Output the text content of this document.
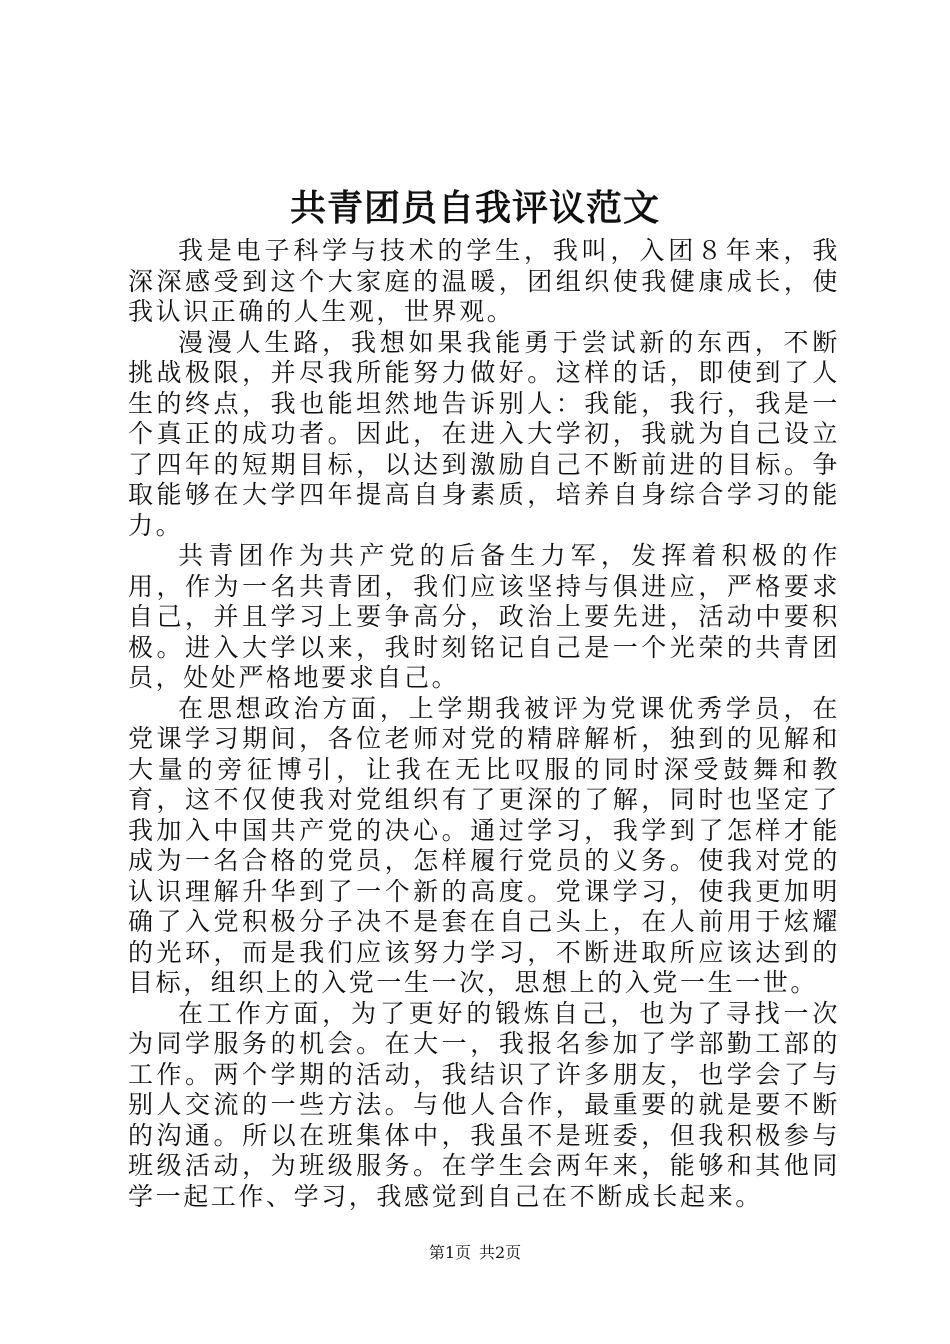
共青团员自我评议范文

我是电子科学与技术的学生，我叫，入团８年来，我深深感受到这个大家庭的温暖，团组织使我健康成长，使我认识正确的人生观，世界观。

漫漫人生路，我想如果我能勇于尝试新的东西，不断挑战极限，并尽我所能努力做好。这样的话，即使到了人生的终点，我也能坦然地告诉别人：我能，我行，我是一个真正的成功者。因此，在进入大学初，我就为自己设立了四年的短期目标，以达到激励自己不断前进的目标。争取能够在大学四年提高自身素质，培养自身综合学习的能力。

共青团作为共产党的后备生力军，发挥着积极的作用，作为一名共青团，我们应该坚持与俱进应，严格要求自己，并且学习上要争高分，政治上要先进，活动中要积极。进入大学以来，我时刻铭记自己是一个光荣的共青团员，处处严格地要求自己。

在思想政治方面，上学期我被评为党课优秀学员，在党课学习期间，各位老师对党的精辟解析，独到的见解和大量的旁征博引，让我在无比叹服的同时深受鼓舞和教育，这不仅使我对党组织有了更深的了解，同时也坚定了我加入中国共产党的决心。通过学习，我学到了怎样才能成为一名合格的党员，怎样履行党员的义务。使我对党的认识理解升华到了一个新的高度。党课学习，使我更加明确了入党积极分子决不是套在自己头上，在人前用于炫耀的光环，而是我们应该努力学习，不断进取所应该达到的目标，组织上的入党一生一次，思想上的入党一生一世。

在工作方面，为了更好的锻炼自己，也为了寻找一次为同学服务的机会。在大一，我报名参加了学部勤工部的工作。两个学期的活动，我结识了许多朋友，也学会了与别人交流的一些方法。与他人合作，最重要的就是要不断的沟通。所以在班集体中，我虽不是班委，但我积极参与班级活动，为班级服务。在学生会两年来，能够和其他同学一起工作、学习，我感觉到自己在不断成长起来。

第1页 共2页
